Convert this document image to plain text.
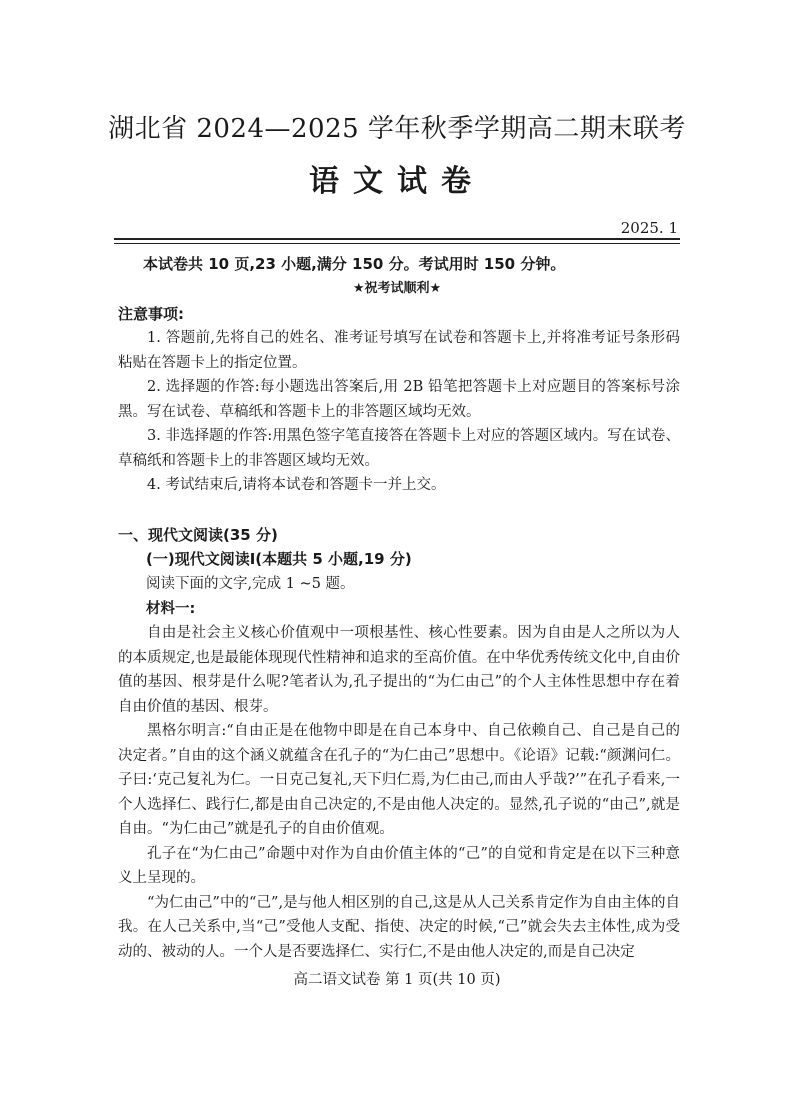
湖北省 2024—2025 学年秋季学期高二期末联考
语文试卷
2025. 1
本试卷共 10 页,23 小题,满分 150 分。考试用时 150 分钟。
★祝考试顺利★
注意事项:

1. 答题前,先将自己的姓名、准考证号填写在试卷和答题卡上,并将准考证号条形码粘贴在答题卡上的指定位置。

2. 选择题的作答:每小题选出答案后,用 2B 铅笔把答题卡上对应题目的答案标号涂黑。写在试卷、草稿纸和答题卡上的非答题区域均无效。

3. 非选择题的作答:用黑色签字笔直接答在答题卡上对应的答题区域内。写在试卷、草稿纸和答题卡上的非答题区域均无效。

4. 考试结束后,请将本试卷和答题卡一并上交。

一、现代文阅读(35 分)
(一)现代文阅读Ⅰ(本题共 5 小题,19 分)
阅读下面的文字,完成 1 ~5 题。
材料一:

自由是社会主义核心价值观中一项根基性、核心性要素。因为自由是人之所以为人的本质规定,也是最能体现现代性精神和追求的至高价值。在中华优秀传统文化中,自由价值的基因、根芽是什么呢?笔者认为,孔子提出的“为仁由己”的个人主体性思想中存在着自由价值的基因、根芽。

黑格尔明言:“自由正是在他物中即是在自己本身中、自己依赖自己、自己是自己的决定者。”自由的这个涵义就蕴含在孔子的“为仁由己”思想中。《论语》记载:“颜渊问仁。子曰:‘克己复礼为仁。一日克己复礼,天下归仁焉,为仁由己,而由人乎哉?’”在孔子看来,一个人选择仁、践行仁,都是由自己决定的,不是由他人决定的。显然,孔子说的“由己”,就是自由。“为仁由己”就是孔子的自由价值观。

孔子在“为仁由己”命题中对作为自由价值主体的“己”的自觉和肯定是在以下三种意义上呈现的。

“为仁由己”中的“己”,是与他人相区别的自己,这是从人己关系肯定作为自由主体的自我。在人己关系中,当“己”受他人支配、指使、决定的时候,“己”就会失去主体性,成为受动的、被动的人。一个人是否要选择仁、实行仁,不是由他人决定的,而是自己决定

高二语文试卷 第 1 页(共 10 页)
